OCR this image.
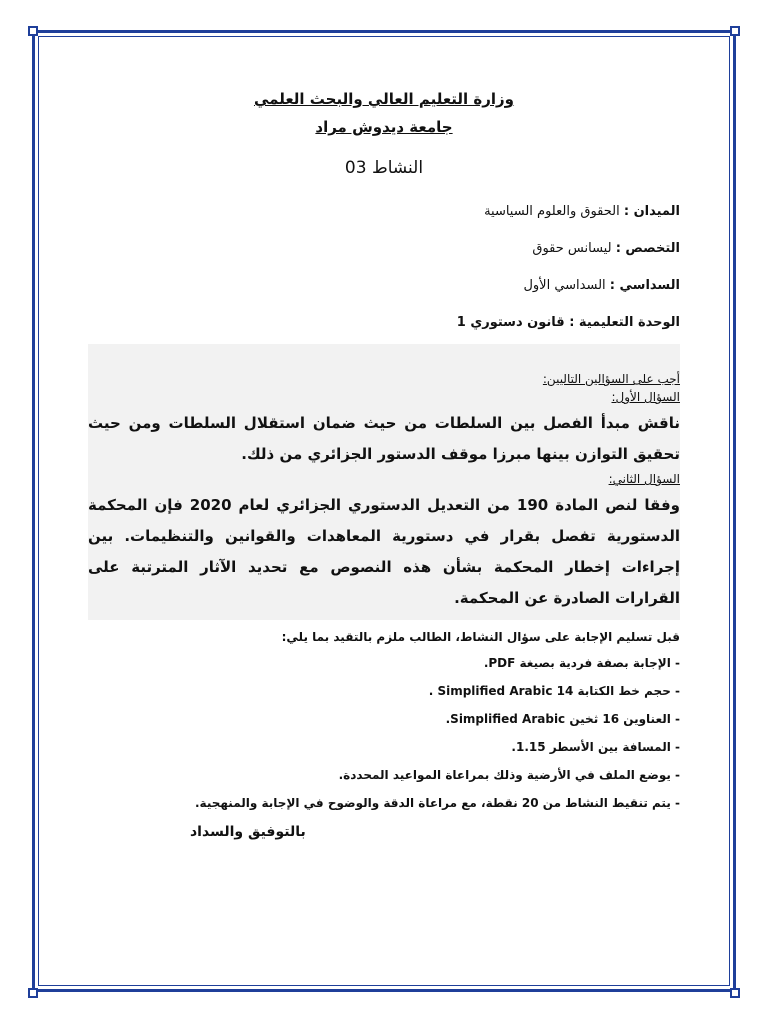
وزارة التعليم العالي والبحث العلمي
جامعة ديدوش مراد
النشاط 03
الميدان : الحقوق والعلوم السياسية
التخصص : ليسانس حقوق
السداسي : السداسي الأول
الوحدة التعليمية : قانون دستوري 1
أجب على السؤالين التاليين:
السؤال الأول:
ناقش مبدأ الفصل بين السلطات من حيث ضمان استقلال السلطات ومن حيث تحقيق التوازن بينها مبرزا موقف الدستور الجزائري من ذلك.
السؤال الثاني:
وفقا لنص المادة 190 من التعديل الدستوري الجزائري لعام 2020 فإن المحكمة الدستورية تفصل بقرار في دستورية المعاهدات والقوانين والتنظيمات. بين إجراءات إخطار المحكمة بشأن هذه النصوص مع تحديد الآثار المترتبة على القرارات الصادرة عن المحكمة.
قبل تسليم الإجابة على سؤال النشاط، الطالب ملزم بالتقيد بما يلي:
- الإجابة بصفة فردية بصيغة PDF.
- حجم خط الكتابة Simplified Arabic 14 .
- العناوين 16 ثخين Simplified Arabic.
- المسافة بين الأسطر 1.15.
- يوضع الملف في الأرضية وذلك بمراعاة المواعيد المحددة.
- يتم تنقيط النشاط من 20 نقطة، مع مراعاة الدقة والوضوح في الإجابة والمنهجية.
بالتوفيق والسداد
